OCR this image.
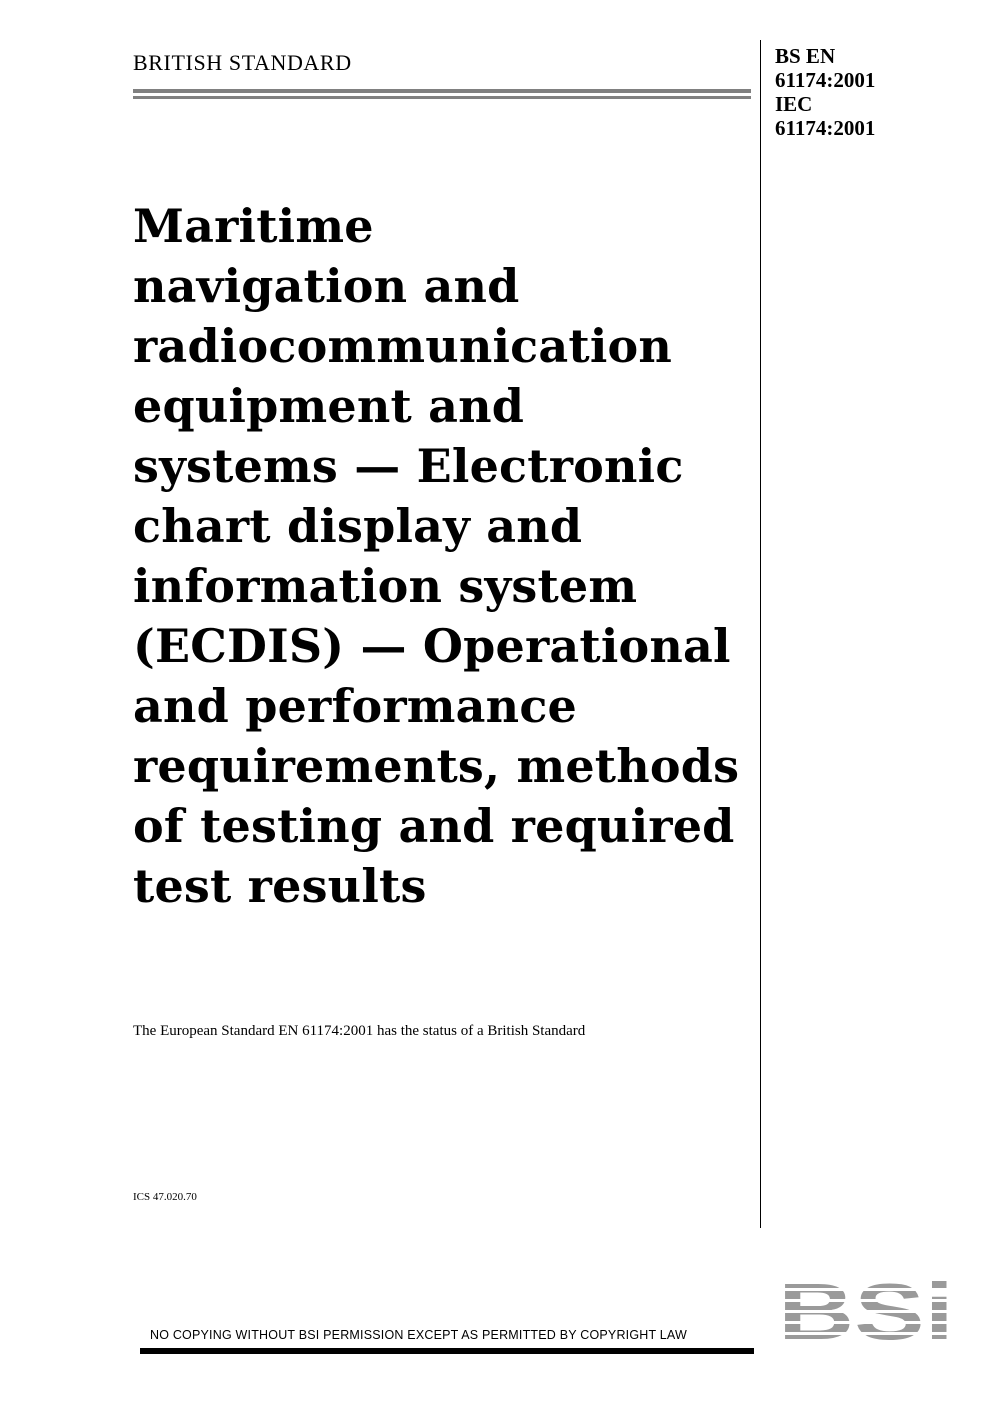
BRITISH STANDARD	BS EN
61174:2001
IEC
61174:2001
Maritime
navigation and
radiocommunication
equipment and
systems — Electronic
chart display and
information system
(ECDIS) — Operational
and performance
requirements, methods
of testing and required
test results
The European Standard EN 61174:2001 has the status of a British Standard
ICS 47.020.70
NO COPYING WITHOUT BSI PERMISSION EXCEPT AS PERMITTED BY COPYRIGHT LAW
